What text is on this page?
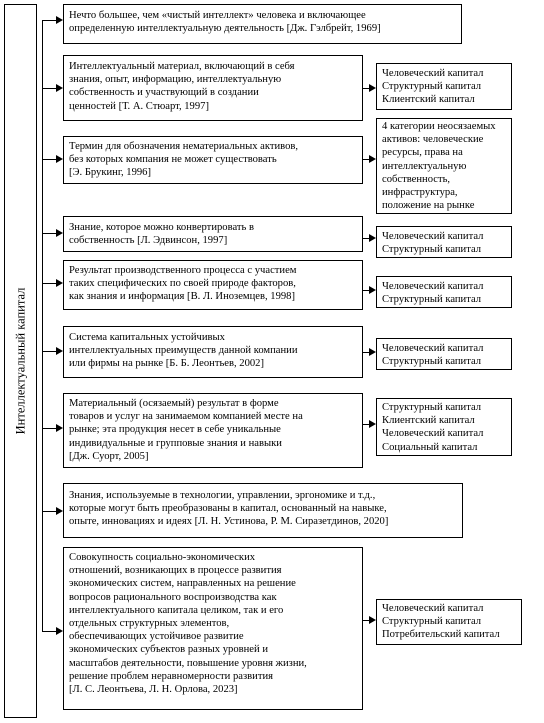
Интеллектуальный капитал
Нечто большее, чем «чистый интеллект» человека и включающее
определенную интеллектуальную деятельность [Дж. Гэлбрейт, 1969]
Интеллектуальный материал, включающий в себя
знания, опыт, информацию, интеллектуальную
собственность и участвующий в создании
ценностей [Т. А. Стюарт, 1997]
Человеческий капитал
Структурный капитал
Клиентский капитал
Термин для обозначения нематериальных активов,
без которых компания не может существовать
[Э. Брукинг, 1996]
4 категории неосязаемых
активов: человеческие
ресурсы, права на
интеллектуальную
собственность,
инфраструктура,
положение на рынке
Знание, которое можно конвертировать в
собственность [Л. Эдвинсон, 1997]	Человеческий капитал
Структурный капитал
Результат производственного процесса с участием
таких специфических по своей природе факторов,
как знания и информация [В. Л. Иноземцев, 1998]
Человеческий капитал
Структурный капитал
Система капитальных устойчивых
интеллектуальных преимуществ данной компании
или фирмы на рынке [Б. Б. Леонтьев, 2002]
Человеческий капитал
Структурный капитал
Материальный (осязаемый) результат в форме
товаров и услуг на занимаемом компанией месте на
рынке; эта продукция несет в себе уникальные
индивидуальные и групповые знания и навыки
[Дж. Суорт, 2005]
Структурный капитал
Клиентский капитал
Человеческий капитал
Социальный капитал
Знания, используемые в технологии, управлении, эргономике и т.д.,
которые могут быть преобразованы в капитал, основанный на навыке,
опыте, инновациях и идеях [Л. Н. Устинова, Р. М. Сиразетдинов, 2020]
Совокупность социально-экономических
отношений, возникающих в процессе развития
экономических систем, направленных на решение
вопросов рационального воспроизводства как
интеллектуального капитала целиком, так и его
отдельных структурных элементов,
обеспечивающих устойчивое развитие
экономических субъектов разных уровней и
масштабов деятельности, повышение уровня жизни,
решение проблем неравномерности развития
[Л. С. Леонтьева, Л. Н. Орлова, 2023]
Человеческий капитал
Структурный капитал
Потребительский капитал
